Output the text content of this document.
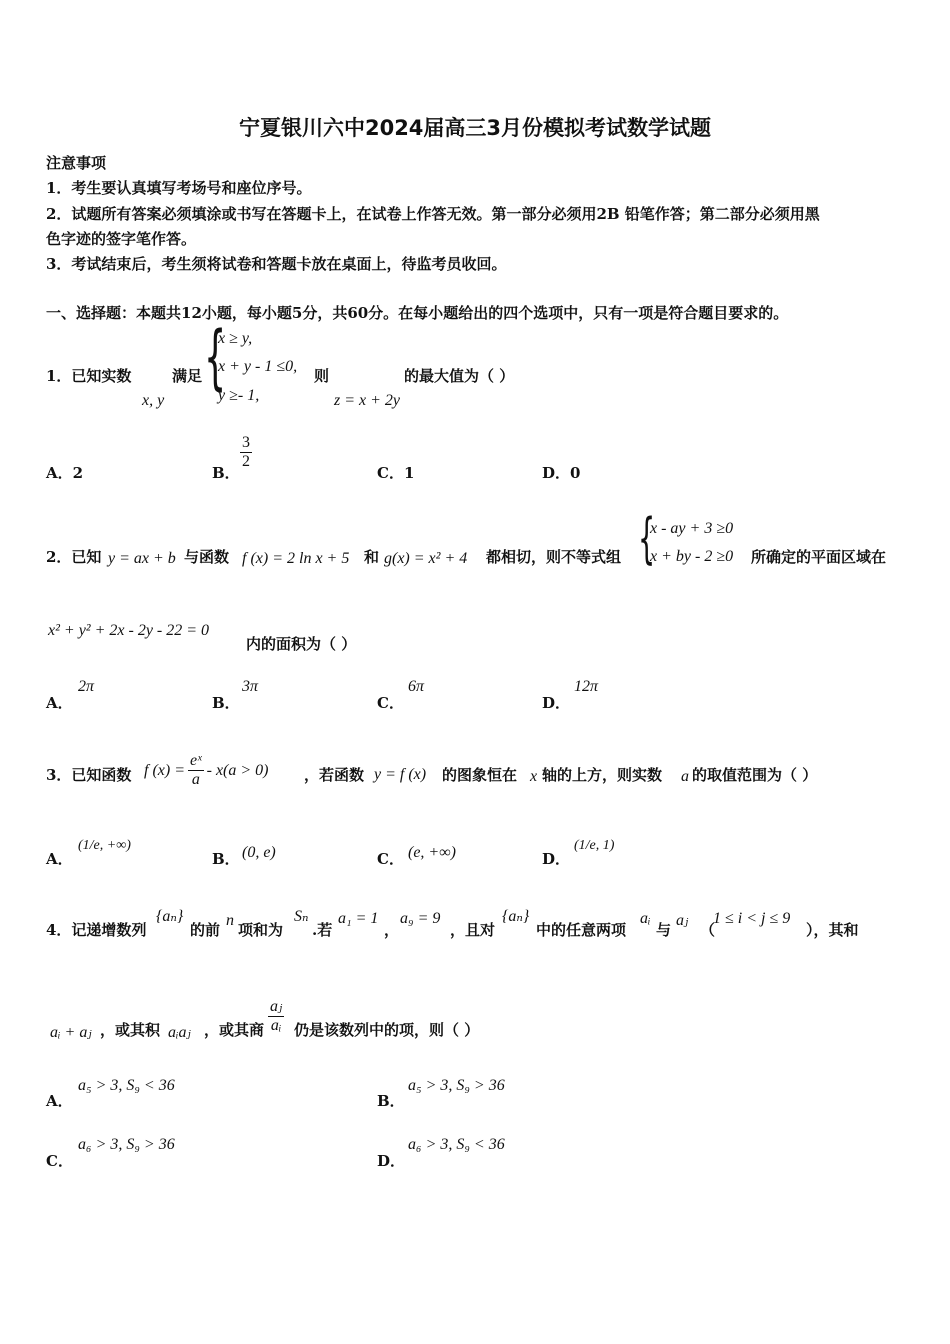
宁夏银川六中2024届高三3月份模拟考试数学试题
注意事项
1．考生要认真填写考场号和座位序号。
2．试题所有答案必须填涂或书写在答题卡上，在试卷上作答无效。第一部分必须用2B 铅笔作答；第二部分必须用黑
色字迹的签字笔作答。
3．考试结束后，考生须将试卷和答题卡放在桌面上，待监考员收回。
一、选择题：本题共12小题，每小题5分，共60分。在每小题给出的四个选项中，只有一项是符合题目要求的。
1．已知实数
x, y
满足 {
x ≥ y,
x + y - 1 ≤0,
y ≥- 1,
则
z = x + 2y
的最大值为（ ）
A．2	B．
$\frac{3}{2}$
C．1	D．0
2．已知 y = ax + b 与函数 f (x) = 2 ln x + 5 和 g(x) = x² + 4 都相切，则不等式组 {
x - ay + 3 ≥0
x + by - 2 ≥0 所确定的平面区域在
x² + y² + 2x - 2y - 22 = 0
内的面积为（ ）
A．
2π
B．
3π
C．
6π
D．
12π
3．已知函数 f $(x) = \frac{\text{eˣ}}{a} - x(a > 0)$ ，若函数 y = f (x) 的图象恒在 x 轴的上方，则实数 a 的取值范围为（ ）
A．
(1/e, +∞)
B． (0, e)	C． (e, +∞)	D．
(1/e, 1)
4．记递增数列
{aₙ}
的前
n
项和为
Sₙ
.若
a₁ = 1
，
a₉ = 9
，且对
{aₙ}
中的任意两项
aᵢ
与
aⱼ
（
1 ≤ i < j ≤ 9
），其和
aᵢ + aⱼ ，或其积 aᵢaⱼ ，或其商 $\frac{\text{aⱼ}}{\text{aᵢ}}$ 仍是该数列中的项，则（ ）
A．
a₅ > 3, S₉ < 36
B．
a₅ > 3, S₉ > 36
C．
a₆ > 3, S₉ > 36
D．
a₆ > 3, S₉ < 36
